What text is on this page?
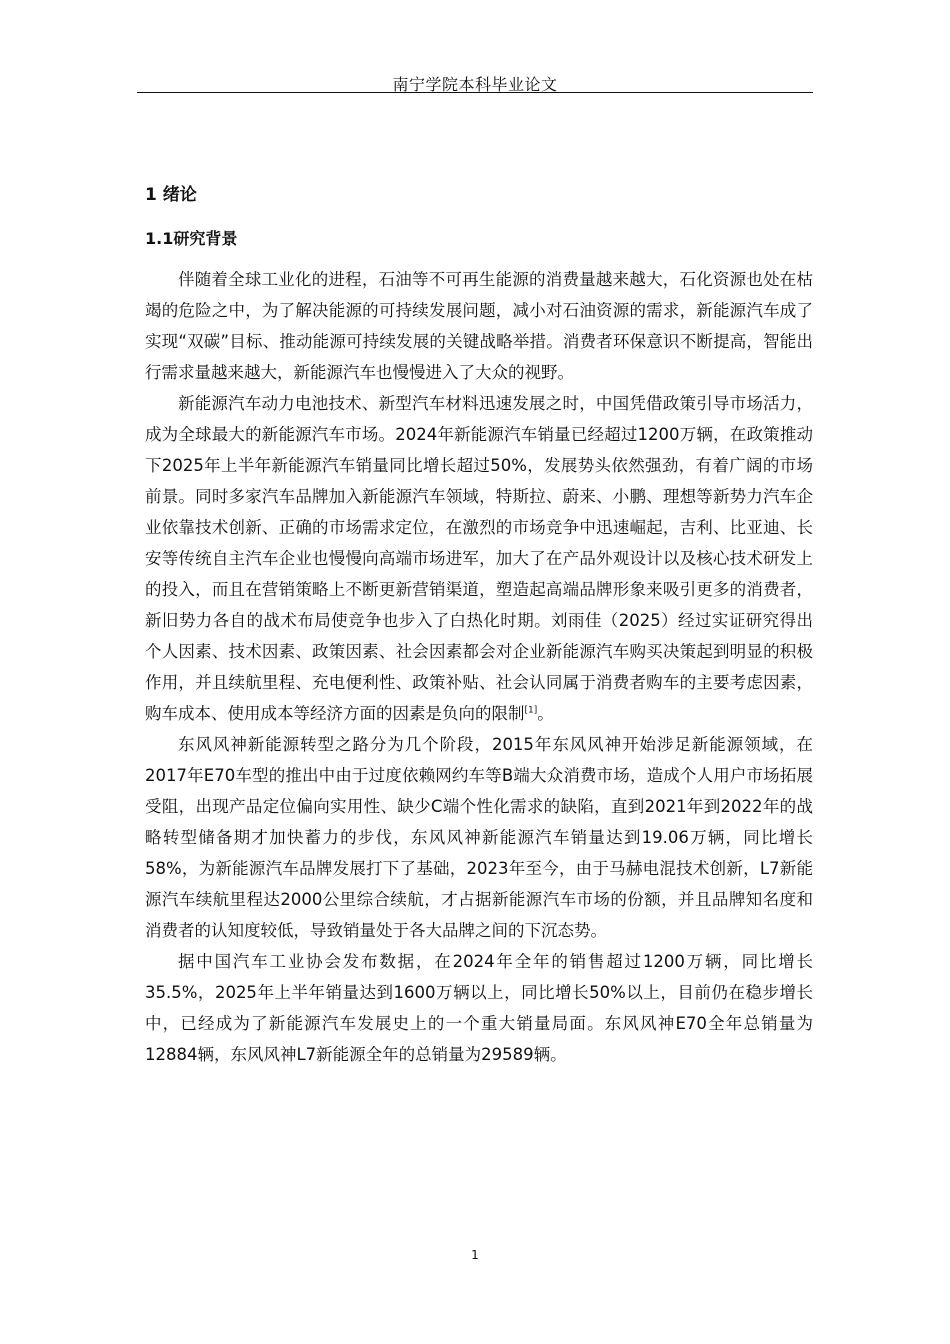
南宁学院本科毕业论文
1 绪论
1.1研究背景

伴随着全球工业化的进程，石油等不可再生能源的消费量越来越大，石化资源也处在枯竭的危险之中，为了解决能源的可持续发展问题，减小对石油资源的需求，新能源汽车成了实现“双碳”目标、推动能源可持续发展的关键战略举措。消费者环保意识不断提高，智能出行需求量越来越大，新能源汽车也慢慢进入了大众的视野。

新能源汽车动力电池技术、新型汽车材料迅速发展之时，中国凭借政策引导市场活力，成为全球最大的新能源汽车市场。2024年新能源汽车销量已经超过1200万辆，在政策推动下2025年上半年新能源汽车销量同比增长超过50%，发展势头依然强劲，有着广阔的市场前景。同时多家汽车品牌加入新能源汽车领域，特斯拉、蔚来、小鹏、理想等新势力汽车企业依靠技术创新、正确的市场需求定位，在激烈的市场竞争中迅速崛起，吉利、比亚迪、长安等传统自主汽车企业也慢慢向高端市场进军，加大了在产品外观设计以及核心技术研发上的投入，而且在营销策略上不断更新营销渠道，塑造起高端品牌形象来吸引更多的消费者，新旧势力各自的战术布局使竞争也步入了白热化时期。刘雨佳（2025）经过实证研究得出个人因素、技术因素、政策因素、社会因素都会对企业新能源汽车购买决策起到明显的积极作用，并且续航里程、充电便利性、政策补贴、社会认同属于消费者购车的主要考虑因素，购车成本、使用成本等经济方面的因素是负向的限制[1]。

东风风神新能源转型之路分为几个阶段，2015年东风风神开始涉足新能源领域，在2017年E70车型的推出中由于过度依赖网约车等B端大众消费市场，造成个人用户市场拓展受阻，出现产品定位偏向实用性、缺少C端个性化需求的缺陷，直到2021年到2022年的战略转型储备期才加快蓄力的步伐，东风风神新能源汽车销量达到19.06万辆，同比增长58%，为新能源汽车品牌发展打下了基础，2023年至今，由于马赫电混技术创新，L7新能源汽车续航里程达2000公里综合续航，才占据新能源汽车市场的份额，并且品牌知名度和消费者的认知度较低，导致销量处于各大品牌之间的下沉态势。

据中国汽车工业协会发布数据，在2024年全年的销售超过1200万辆，同比增长35.5%，2025年上半年销量达到1600万辆以上，同比增长50%以上，目前仍在稳步增长中，已经成为了新能源汽车发展史上的一个重大销量局面。东风风神E70全年总销量为12884辆，东风风神L7新能源全年的总销量为29589辆。

1
